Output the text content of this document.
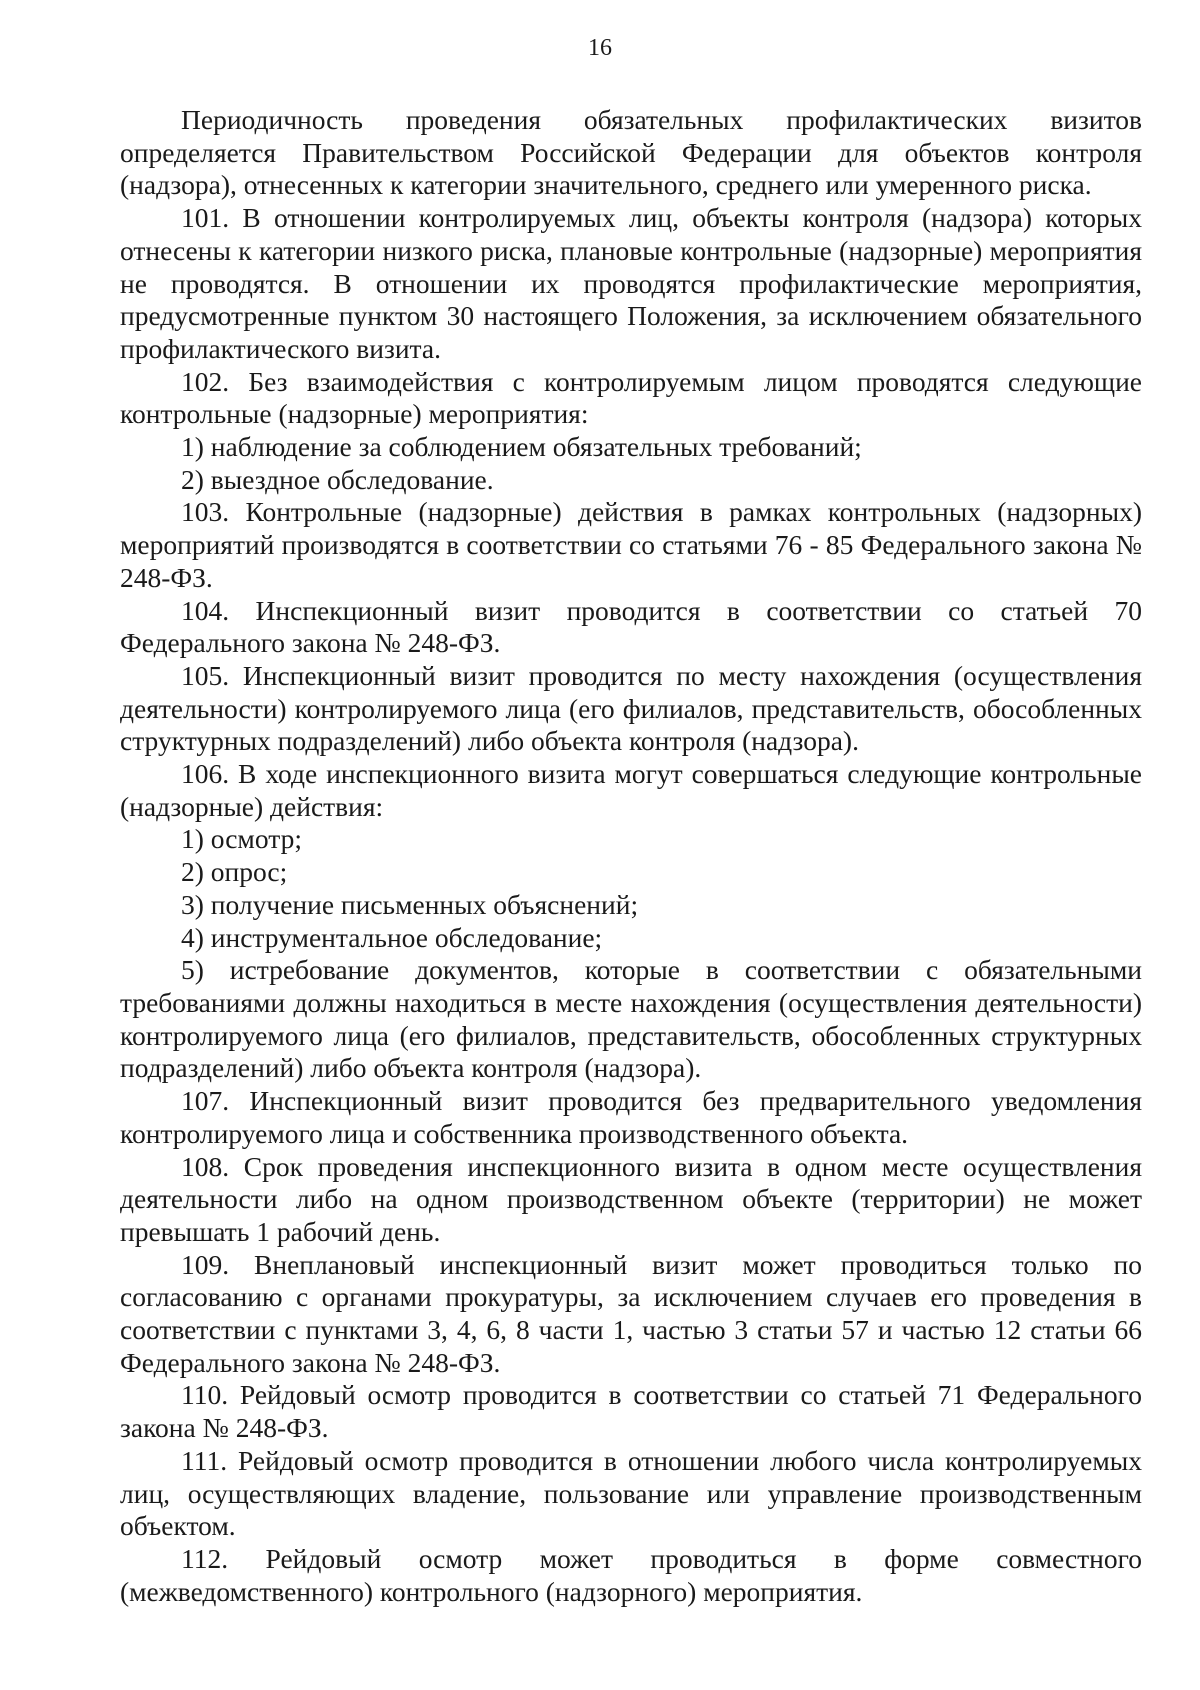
16

Периодичность проведения обязательных профилактических визитов определяется Правительством Российской Федерации для объектов контроля (надзора), отнесенных к категории значительного, среднего или умеренного риска.

101. В отношении контролируемых лиц, объекты контроля (надзора) которых отнесены к категории низкого риска, плановые контрольные (надзорные) мероприятия не проводятся. В отношении их проводятся профилактические мероприятия, предусмотренные пунктом 30 настоящего Положения, за исключением обязательного профилактического визита.

102. Без взаимодействия с контролируемым лицом проводятся следующие контрольные (надзорные) мероприятия:

1) наблюдение за соблюдением обязательных требований;

2) выездное обследование.

103. Контрольные (надзорные) действия в рамках контрольных (надзорных) мероприятий производятся в соответствии со статьями 76 - 85 Федерального закона № 248-ФЗ.

104. Инспекционный визит проводится в соответствии со статьей 70 Федерального закона № 248-ФЗ.

105. Инспекционный визит проводится по месту нахождения (осуществления деятельности) контролируемого лица (его филиалов, представительств, обособленных структурных подразделений) либо объекта контроля (надзора).

106. В ходе инспекционного визита могут совершаться следующие контрольные (надзорные) действия:

1) осмотр;

2) опрос;

3) получение письменных объяснений;

4) инструментальное обследование;

5) истребование документов, которые в соответствии с обязательными требованиями должны находиться в месте нахождения (осуществления деятельности) контролируемого лица (его филиалов, представительств, обособленных структурных подразделений) либо объекта контроля (надзора).

107. Инспекционный визит проводится без предварительного уведомления контролируемого лица и собственника производственного объекта.

108. Срок проведения инспекционного визита в одном месте осуществления деятельности либо на одном производственном объекте (территории) не может превышать 1 рабочий день.

109. Внеплановый инспекционный визит может проводиться только по согласованию с органами прокуратуры, за исключением случаев его проведения в соответствии с пунктами 3, 4, 6, 8 части 1, частью 3 статьи 57 и частью 12 статьи 66 Федерального закона № 248-ФЗ.

110. Рейдовый осмотр проводится в соответствии со статьей 71 Федерального закона № 248-ФЗ.

111. Рейдовый осмотр проводится в отношении любого числа контролируемых лиц, осуществляющих владение, пользование или управление производственным объектом.

112. Рейдовый осмотр может проводиться в форме совместного (межведомственного) контрольного (надзорного) мероприятия.
